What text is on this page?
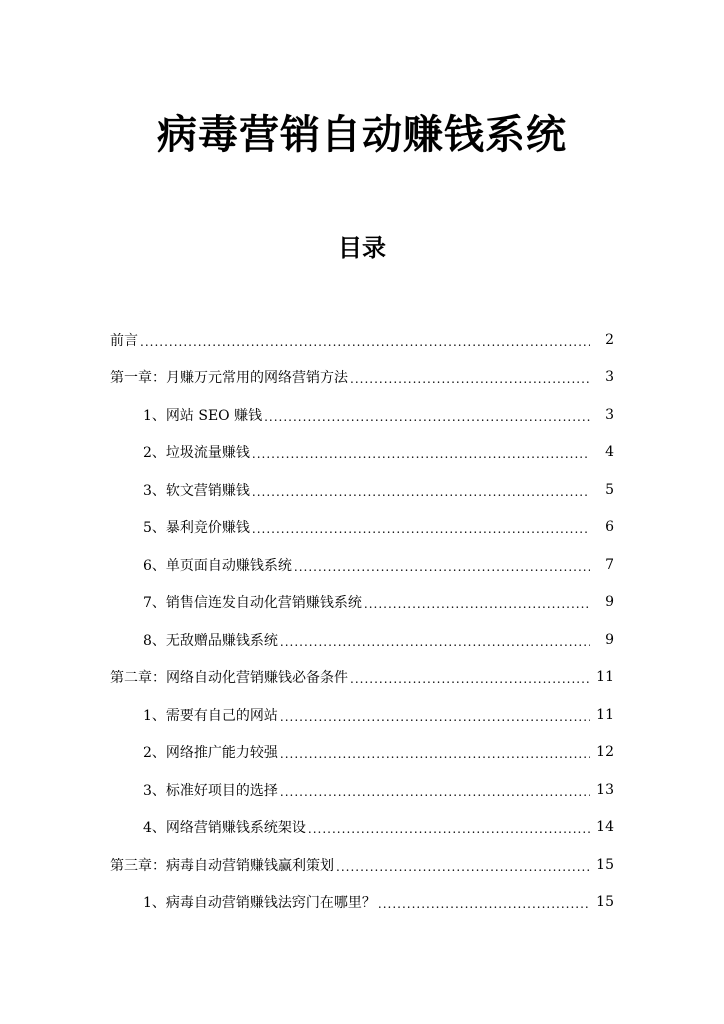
病毒营销自动赚钱系统
目录
前言 .....	2
第一章：月赚万元常用的网络营销方法 .....	3
1、网站 SEO 赚钱 .....	3
2、垃圾流量赚钱 .....	4
3、软文营销赚钱 .....	5
5、暴利竞价赚钱 .....	6
6、单页面自动赚钱系统 .....	7
7、销售信连发自动化营销赚钱系统 .....	9
8、无敌赠品赚钱系统 .....	9
第二章：网络自动化营销赚钱必备条件 .....	11
1、需要有自己的网站 .....	11
2、网络推广能力较强 .....	12
3、标准好项目的选择 .....	13
4、网络营销赚钱系统架设 .....	14
第三章：病毒自动营销赚钱赢利策划 .....	15
1、病毒自动营销赚钱法窍门在哪里？ .....	15
